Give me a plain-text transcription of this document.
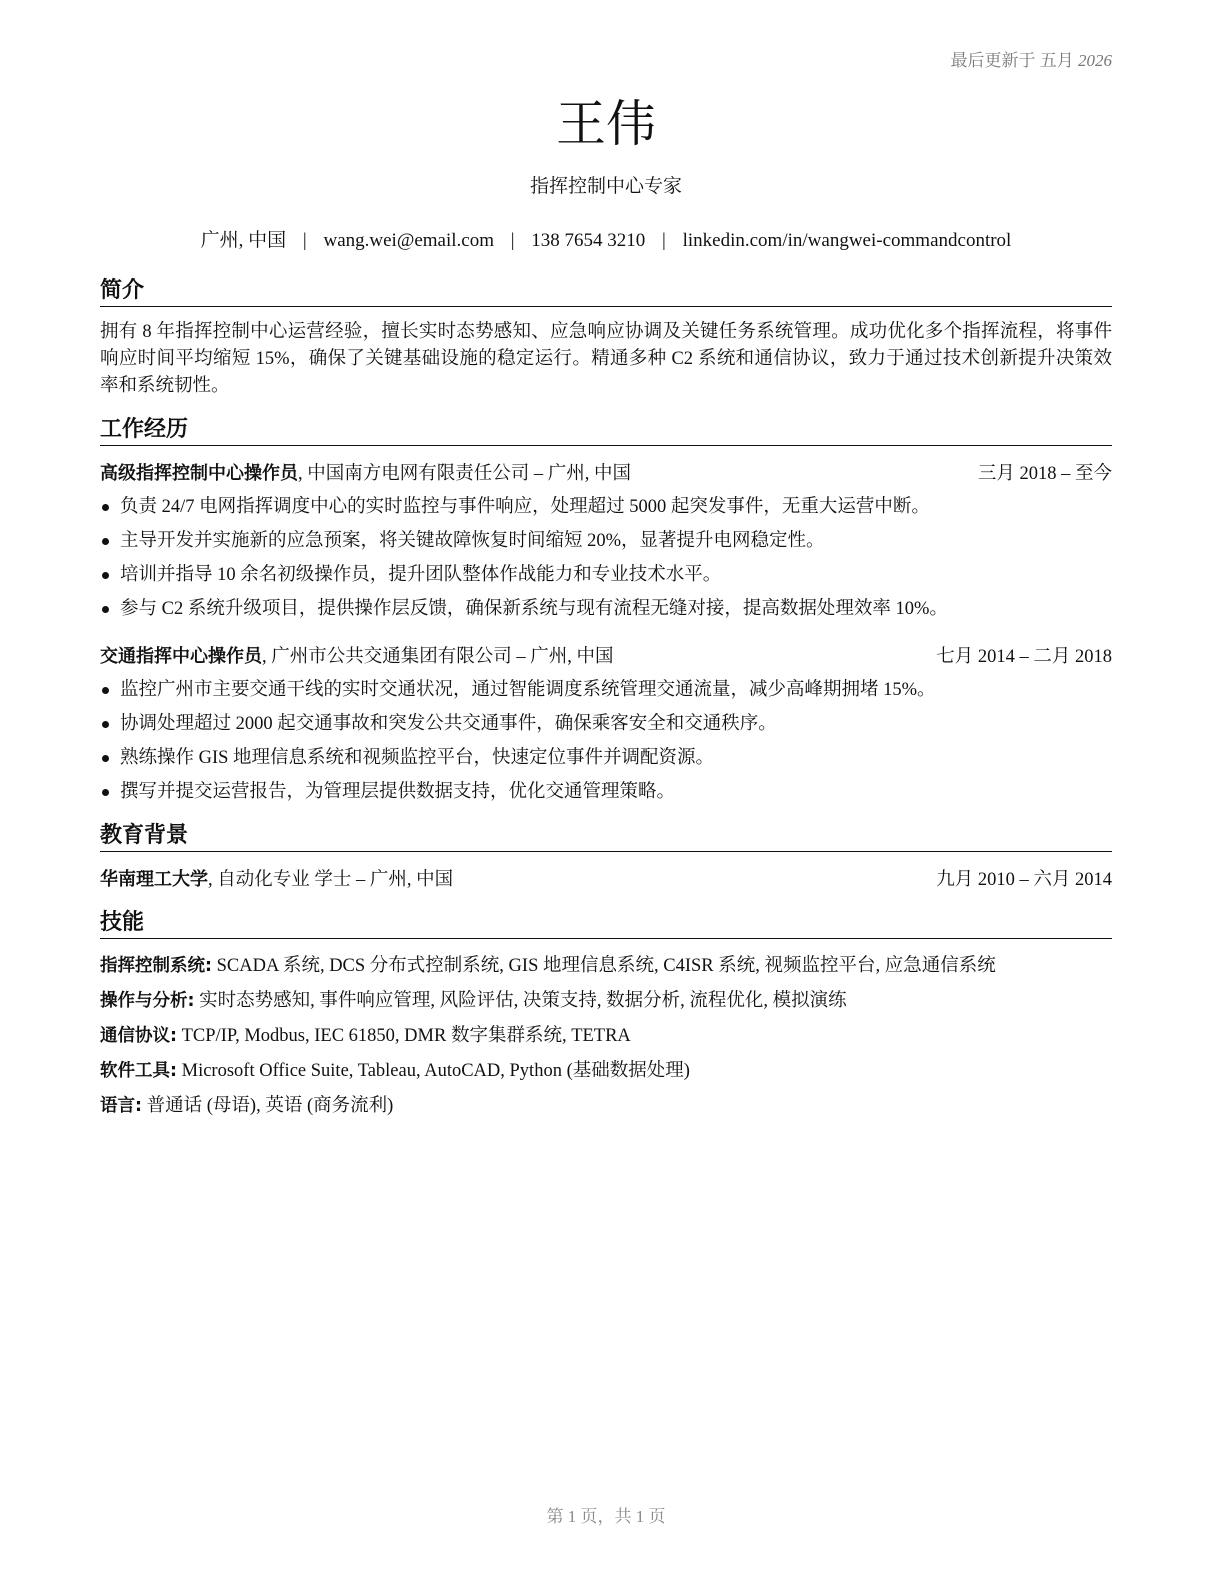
最后更新于 五月 2026
王伟
指挥控制中心专家
广州, 中国 | wang.wei@email.com | 138 7654 3210 | linkedin.com/in/wangwei-commandcontrol
简介
拥有 8 年指挥控制中心运营经验，擅长实时态势感知、应急响应协调及关键任务系统管理。成功优化多个指挥流程，将事件响应时间平均缩短 15%，确保了关键基础设施的稳定运行。精通多种 C2 系统和通信协议，致力于通过技术创新提升决策效率和系统韧性。
工作经历
高级指挥控制中心操作员, 中国南方电网有限责任公司 – 广州, 中国	三月 2018 – 至今
负责 24/7 电网指挥调度中心的实时监控与事件响应，处理超过 5000 起突发事件，无重大运营中断。
主导开发并实施新的应急预案，将关键故障恢复时间缩短 20%，显著提升电网稳定性。
培训并指导 10 余名初级操作员，提升团队整体作战能力和专业技术水平。
参与 C2 系统升级项目，提供操作层反馈，确保新系统与现有流程无缝对接，提高数据处理效率 10%。
交通指挥中心操作员, 广州市公共交通集团有限公司 – 广州, 中国	七月 2014 – 二月 2018
监控广州市主要交通干线的实时交通状况，通过智能调度系统管理交通流量，减少高峰期拥堵 15%。
协调处理超过 2000 起交通事故和突发公共交通事件，确保乘客安全和交通秩序。
熟练操作 GIS 地理信息系统和视频监控平台，快速定位事件并调配资源。
撰写并提交运营报告，为管理层提供数据支持，优化交通管理策略。
教育背景
华南理工大学, 自动化专业 学士 – 广州, 中国	九月 2010 – 六月 2014
技能
指挥控制系统: SCADA 系统, DCS 分布式控制系统, GIS 地理信息系统, C4ISR 系统, 视频监控平台, 应急通信系统
操作与分析: 实时态势感知, 事件响应管理, 风险评估, 决策支持, 数据分析, 流程优化, 模拟演练
通信协议: TCP/IP, Modbus, IEC 61850, DMR 数字集群系统, TETRA
软件工具: Microsoft Office Suite, Tableau, AutoCAD, Python (基础数据处理)
语言: 普通话 (母语), 英语 (商务流利)
第 1 页，共 1 页
